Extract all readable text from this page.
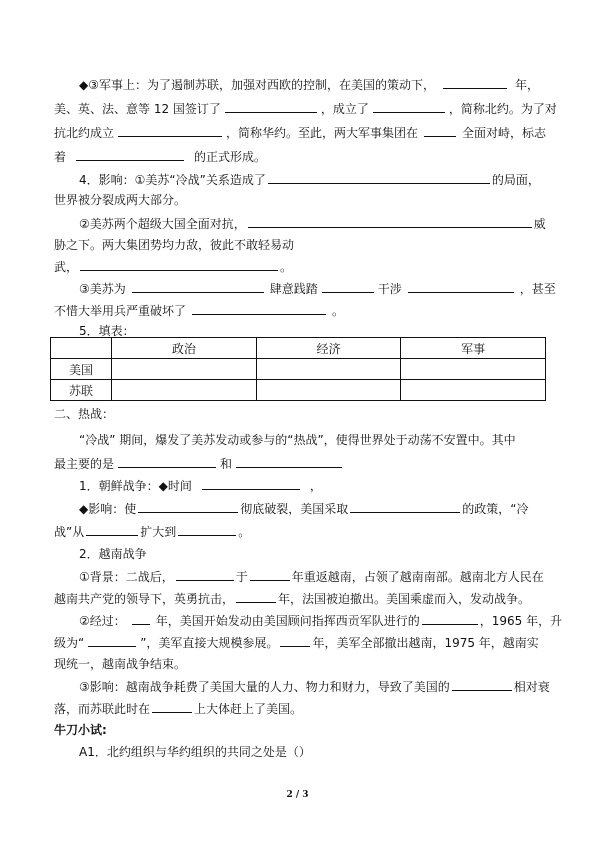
◆③军事上：为了遏制苏联，加强对西欧的控制，在美国的策动下，	年，
美、英、法、意等 12 国签订了	，成立了	，简称北约。为了对
抗北约成立	，简称华约。至此，两大军事集团在	全面对峙，标志
着	的正式形成。
4．影响：①美苏“冷战”关系造成了	的局面，
世界被分裂成两大部分。
②美苏两个超级大国全面对抗，	威
胁之下。两大集团势均力敌，彼此不敢轻易动
武，	。
③美苏为	肆意践踏	干涉	，甚至
不惜大举用兵严重破坏了	。
5．填表：
	政治	经济	军事
美国			
苏联			
二、热战：
“冷战” 期间，爆发了美苏发动或参与的“热战”，使得世界处于动荡不安置中。其中
最主要的是	和
1．朝鲜战争：◆时间	，
◆影响：使	彻底破裂，美国采取	的政策，“冷
战”从	扩大到	。
2．越南战争
①背景：二战后，	于	年重返越南，占领了越南南部。越南北方人民在
越南共产党的领导下，英勇抗击，	年，法国被迫撤出。美国乘虚而入，发动战争。
②经过：	年，美国开始发动由美国顾问指挥西贡军队进行的	，1965 年，升
级为“	”，美军直接大规模参展。	年，美军全部撤出越南，1975 年，越南实
现统一，越南战争结束。
③影响：越南战争耗费了美国大量的人力、物力和财力，导致了美国的	相对衰
落，而苏联此时在	上大体赶上了美国。
牛刀小试:
A1．北约组织与华约组织的共同之处是（）
2 / 3
